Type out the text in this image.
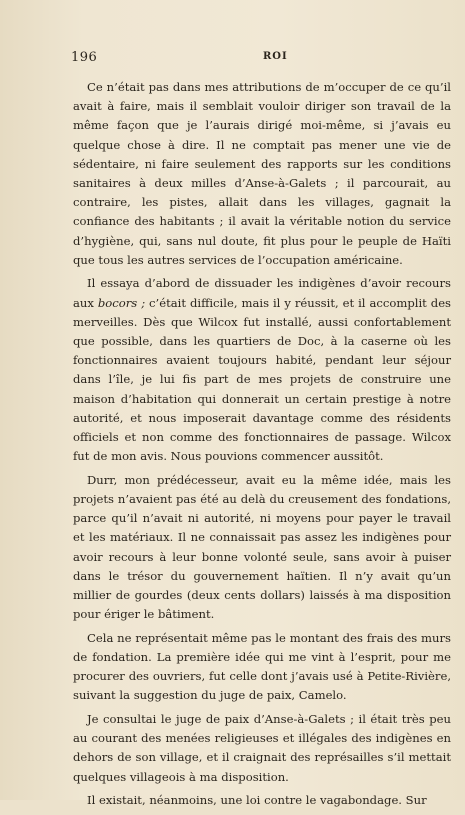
196	ROI

Ce n’était pas dans mes attributions de m’occuper de ce qu’il avait à faire, mais il semblait vouloir diriger son travail de la même façon que je l’aurais dirigé moi-même, si j’avais eu quelque chose à dire. Il ne comptait pas mener une vie de sédentaire, ni faire seulement des rapports sur les conditions sanitaires à deux milles d’Anse-à-Galets ; il parcourait, au contraire, les pistes, allait dans les villages, gagnait la confiance des habitants ; il avait la véritable notion du service d’hygiène, qui, sans nul doute, fit plus pour le peuple de Haïti que tous les autres services de l’occupation américaine.

Il essaya d’abord de dissuader les indigènes d’avoir recours aux bocors ; c’était difficile, mais il y réussit, et il accomplit des merveilles. Dès que Wilcox fut installé, aussi confortablement que possible, dans les quartiers de Doc, à la caserne où les fonctionnaires avaient toujours habité, pendant leur séjour dans l’île, je lui fis part de mes projets de construire une maison d’habitation qui donnerait un certain prestige à notre autorité, et nous imposerait davantage comme des résidents officiels et non comme des fonctionnaires de passage. Wilcox fut de mon avis. Nous pouvions commencer aussitôt.

Durr, mon prédécesseur, avait eu la même idée, mais les projets n’avaient pas été au delà du creusement des fondations, parce qu’il n’avait ni autorité, ni moyens pour payer le travail et les matériaux. Il ne connaissait pas assez les indigènes pour avoir recours à leur bonne volonté seule, sans avoir à puiser dans le trésor du gouvernement haïtien. Il n’y avait qu’un millier de gourdes (deux cents dollars) laissés à ma disposition pour ériger le bâtiment.

Cela ne représentait même pas le montant des frais des murs de fondation. La première idée qui me vint à l’esprit, pour me procurer des ouvriers, fut celle dont j’avais usé à Petite-Rivière, suivant la suggestion du juge de paix, Camelo.

Je consultai le juge de paix d’Anse-à-Galets ; il était très peu au courant des menées religieuses et illégales des indigènes en dehors de son village, et il craignait des représailles s’il mettait quelques villageois à ma disposition.

Il existait, néanmoins, une loi contre le vagabondage. Sur
